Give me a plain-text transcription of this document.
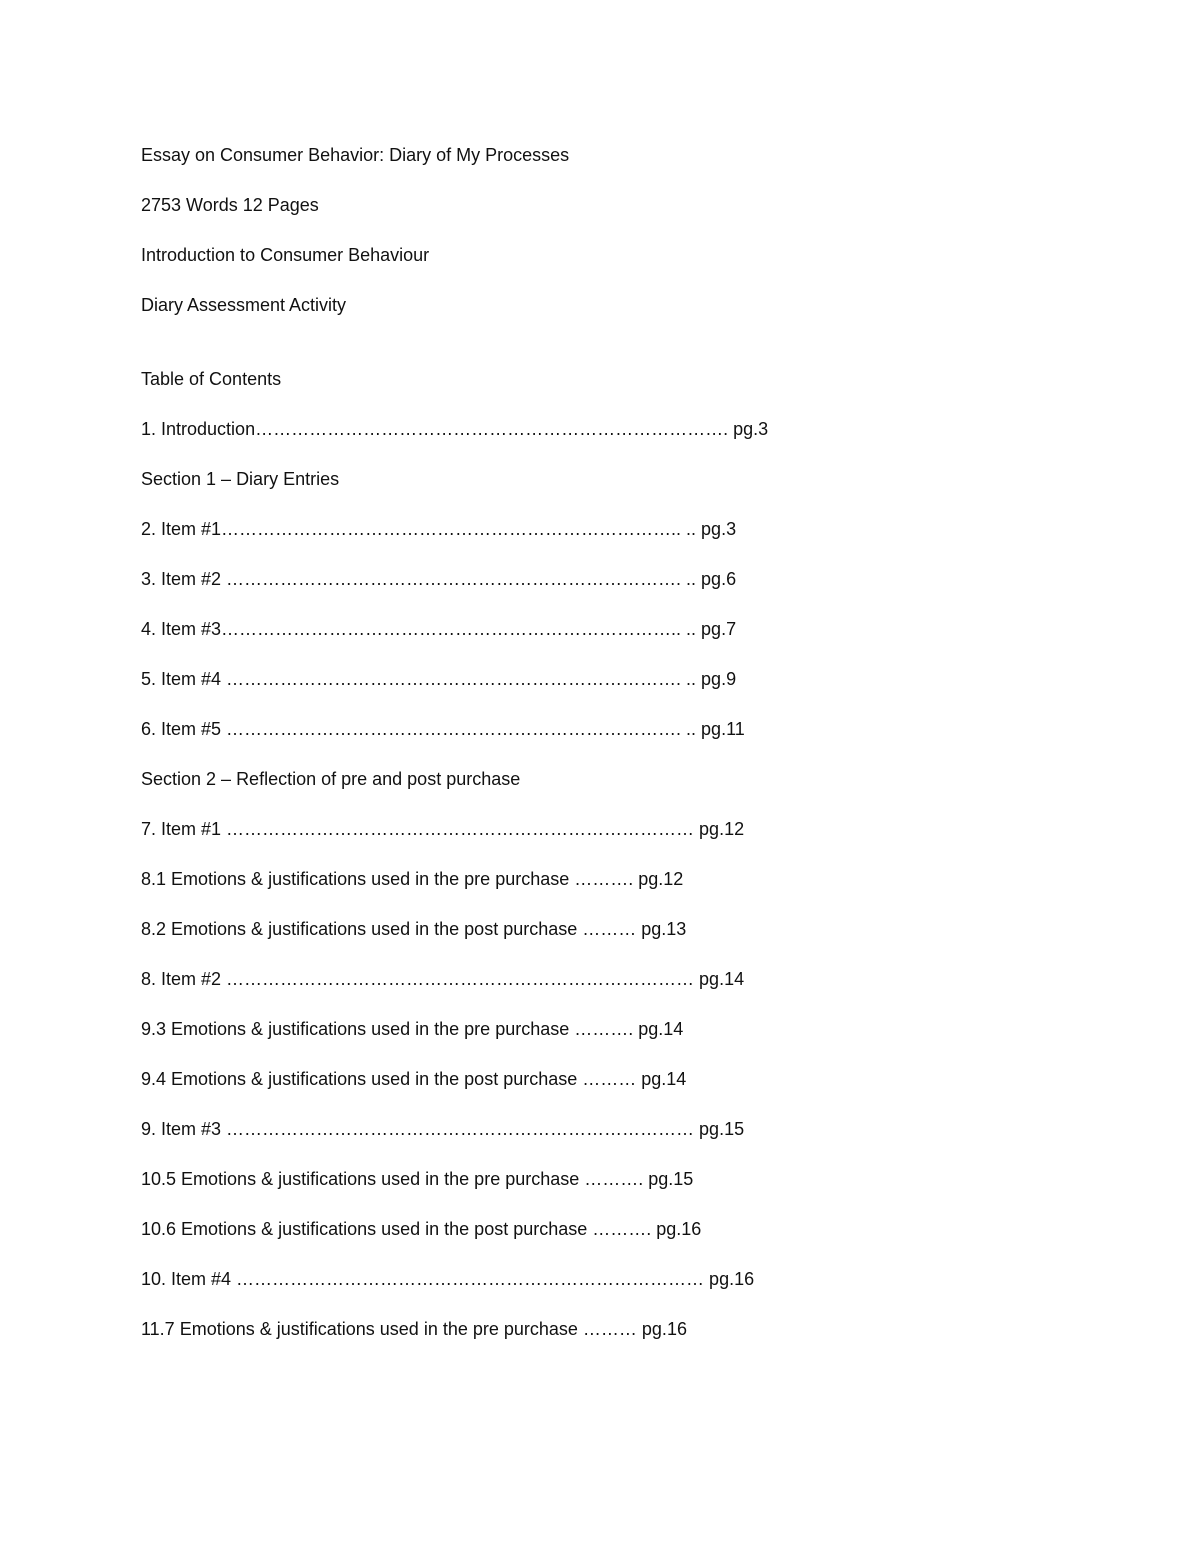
Essay on Consumer Behavior: Diary of My Processes

2753 Words 12 Pages

Introduction to Consumer Behaviour

Diary Assessment Activity

Table of Contents

1. Introduction……………………………………………………………………. pg.3

Section 1 – Diary Entries

2. Item #1………………………………………………………………….. .. pg.3

3. Item #2 …………………………………………………………………. .. pg.6

4. Item #3………………………………………………………………….. .. pg.7

5. Item #4 …………………………………………………………………. .. pg.9

6. Item #5 …………………………………………………………………. .. pg.11

Section 2 – Reflection of pre and post purchase

7. Item #1 …………………………………………………………………… pg.12

8.1 Emotions & justifications used in the pre purchase ………. pg.12

8.2 Emotions & justifications used in the post purchase ……… pg.13

8. Item #2 …………………………………………………………………… pg.14

9.3 Emotions & justifications used in the pre purchase ………. pg.14

9.4 Emotions & justifications used in the post purchase ……… pg.14

9. Item #3 …………………………………………………………………… pg.15

10.5 Emotions & justifications used in the pre purchase ………. pg.15

10.6 Emotions & justifications used in the post purchase ………. pg.16

10. Item #4 …………………………………………………………………… pg.16

11.7 Emotions & justifications used in the pre purchase ……… pg.16
